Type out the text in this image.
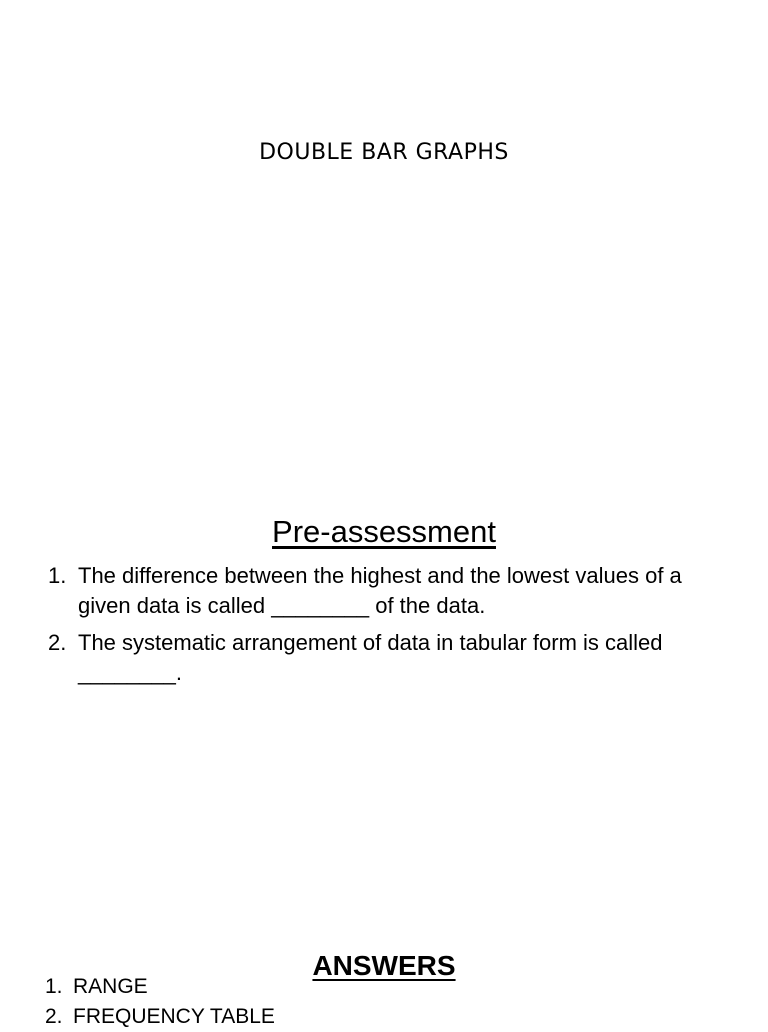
DOUBLE BAR GRAPHS
Pre-assessment
1. The difference between the highest and the lowest values of a given data is called ________ of the data.
2. The systematic arrangement of data in tabular form is called ________.
ANSWERS
1. RANGE
2. FREQUENCY TABLE
